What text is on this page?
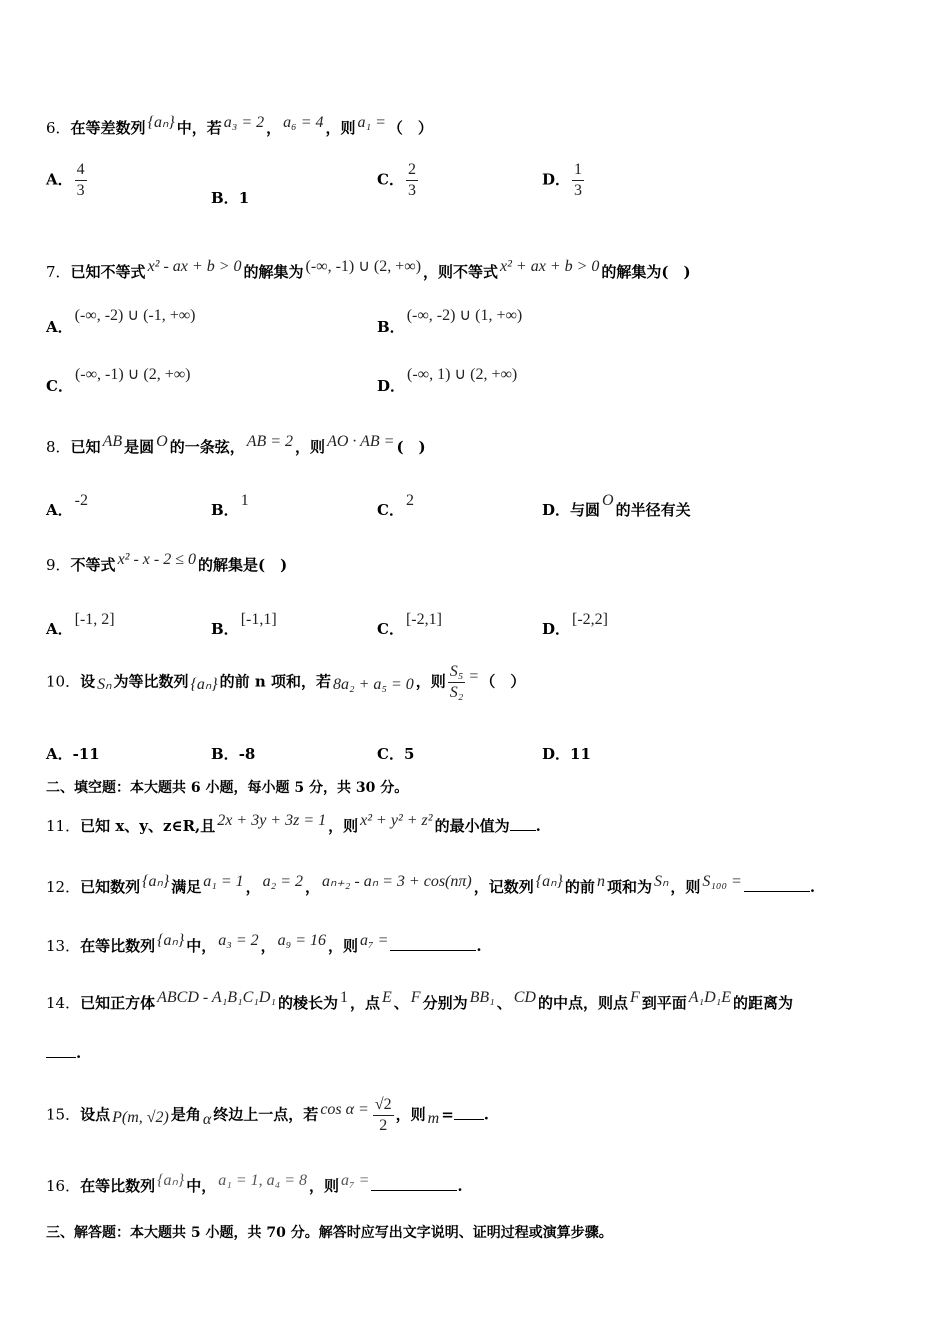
6．在等差数列 {aₙ} 中，若 a₃ = 2 ， a₆ = 4 ，则 a₁ = （　）
A． $\frac{4}{3}$	B．1
C． $\frac{2}{3}$	D． $\frac{1}{3}$
7．已知不等式 x² - ax + b > 0 的解集为 (-∞, -1) ∪ (2, +∞) ，则不等式 x² + ax + b > 0 的解集为(　)
A．(-∞, -2) ∪ (-1, +∞)
B．(-∞, -2) ∪ (1, +∞)
C．(-∞, -1) ∪ (2, +∞)
D．(-∞, 1) ∪ (2, +∞)
8．已知 AB 是圆 O 的一条弦， AB = 2 ，则 AO · AB = (　)
A．-2
B．1
C．2
D．与圆O的半径有关
9．不等式 x² - x - 2 ≤ 0 的解集是(　)
A．[-1, 2]
B．[-1,1]
C．[-2,1]
D．[-2,2]
10．设 Sₙ 为等比数列 {aₙ} 的前 n 项和，若 8a₂ + a₅ = 0 ，则 $\frac{\text{S₅}}{\text{S₂}}$ = （　）
A．-11	B．-8	C．5	D．11
二、填空题：本大题共 6 小题，每小题 5 分，共 30 分。
11．已知 x、y、z∈R,且 2x + 3y + 3z = 1 ，则 x² + y² + z² 的最小值为 .
12．已知数列 {aₙ} 满足 a₁ = 1 ， a₂ = 2 ， aₙ₊₂ - aₙ = 3 + cos(nπ) ，记数列 {aₙ} 的前 n 项和为 Sₙ ，则 S₁₀₀ =	.
13．在等比数列 {aₙ} 中， a₃ = 2 ， a₉ = 16 ，则 a₇ =	.
14．已知正方体 ABCD - A₁B₁C₁D₁ 的棱长为 1 ，点 E 、 F 分别为 BB₁ 、 CD 的中点，则点 F 到平面 A₁D₁E 的距离为
.
15．设点 P(m, √2) 是角 α 终边上一点，若 $\cos \alpha = \frac{√2}{2}$ ，则 m = .
16．在等比数列 {aₙ} 中， a₁ = 1, a₄ = 8 ，则 a₇ =	.
三、解答题：本大题共 5 小题，共 70 分。解答时应写出文字说明、证明过程或演算步骤。
